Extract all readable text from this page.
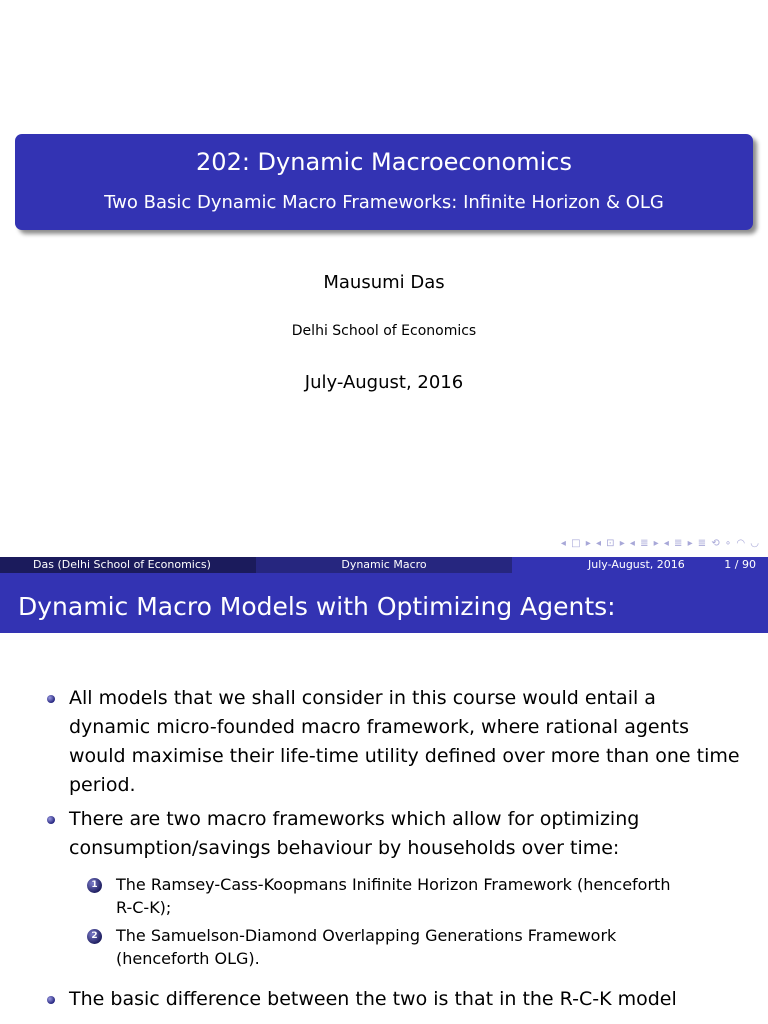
202: Dynamic Macroeconomics
Two Basic Dynamic Macro Frameworks: Infinite Horizon & OLG
Mausumi Das
Delhi School of Economics
July-August, 2016
◂ □ ▸ ◂ ⊡ ▸ ◂ ≣ ▸ ◂ ≣ ▸ ≣ ⟲ ∘ ◠ ◡
Das (Delhi School of Economics)	Dynamic Macro	July-August, 2016	1 / 90
Dynamic Macro Models with Optimizing Agents:
All models that we shall consider in this course would entail a
dynamic micro-founded macro framework, where rational agents
would maximise their life-time utility defined over more than one time
period.
There are two macro frameworks which allow for optimizing
consumption/savings behaviour by households over time:
1 The Ramsey-Cass-Koopmans Inifinite Horizon Framework (henceforth
R-C-K);
2 The Samuelson-Diamond Overlapping Generations Framework
(henceforth OLG).
The basic difference between the two is that in the R-C-K model
